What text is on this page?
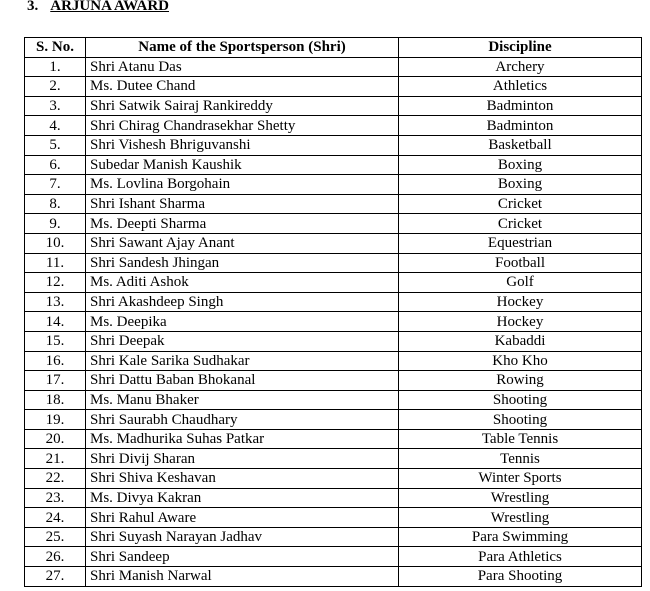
3. ARJUNA AWARD
S. No.	Name of the Sportsperson (Shri)	Discipline
1.	Shri Atanu Das	Archery
2.	Ms. Dutee Chand	Athletics
3.	Shri Satwik Sairaj Rankireddy	Badminton
4.	Shri Chirag Chandrasekhar Shetty	Badminton
5.	Shri Vishesh Bhriguvanshi	Basketball
6.	Subedar Manish Kaushik	Boxing
7.	Ms. Lovlina Borgohain	Boxing
8.	Shri Ishant Sharma	Cricket
9.	Ms. Deepti Sharma	Cricket
10.	Shri Sawant Ajay Anant	Equestrian
11.	Shri Sandesh Jhingan	Football
12.	Ms. Aditi Ashok	Golf
13.	Shri Akashdeep Singh	Hockey
14.	Ms. Deepika	Hockey
15.	Shri Deepak	Kabaddi
16.	Shri Kale Sarika Sudhakar	Kho Kho
17.	Shri Dattu Baban Bhokanal	Rowing
18.	Ms. Manu Bhaker	Shooting
19.	Shri Saurabh Chaudhary	Shooting
20.	Ms. Madhurika Suhas Patkar	Table Tennis
21.	Shri Divij Sharan	Tennis
22.	Shri Shiva Keshavan	Winter Sports
23.	Ms. Divya Kakran	Wrestling
24.	Shri Rahul Aware	Wrestling
25.	Shri Suyash Narayan Jadhav	Para Swimming
26.	Shri Sandeep	Para Athletics
27.	Shri Manish Narwal	Para Shooting
